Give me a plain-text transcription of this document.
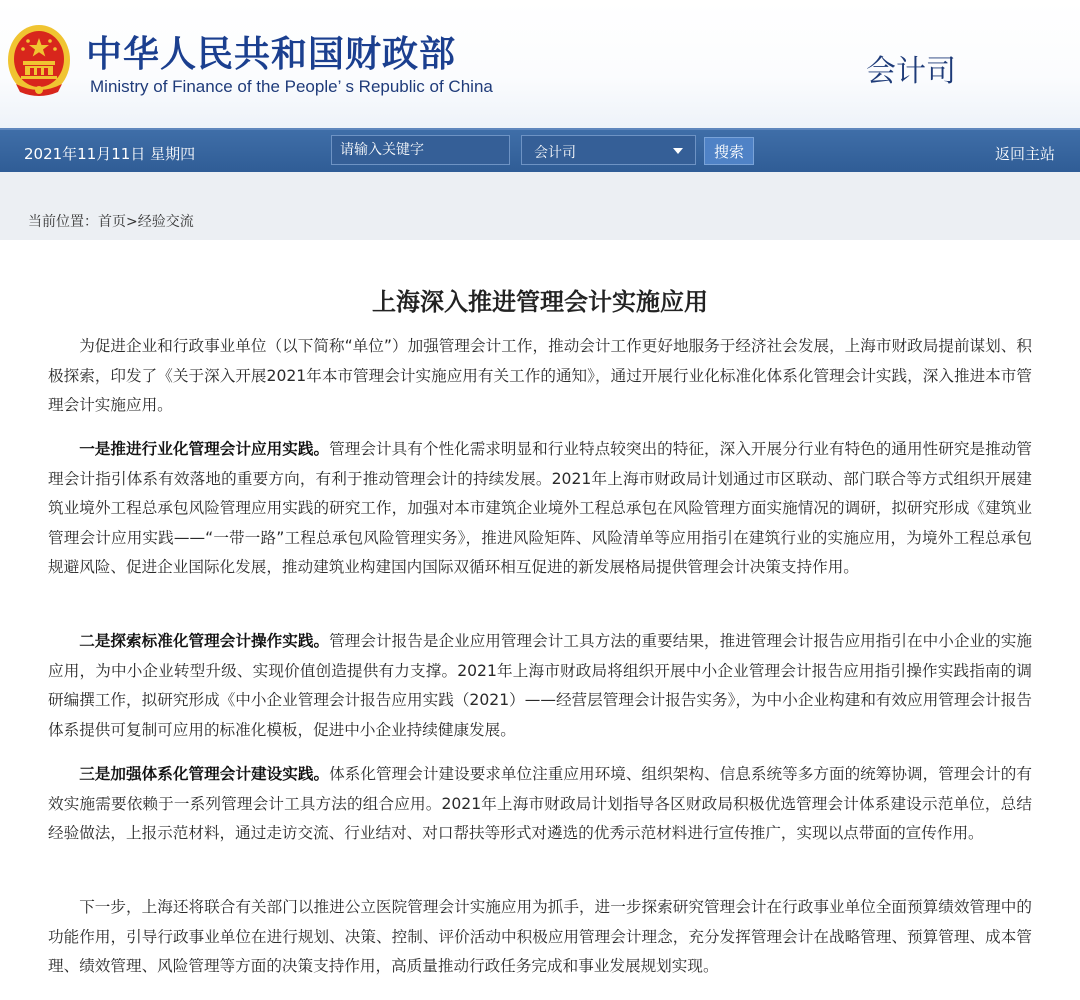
中华人民共和国财政部
Ministry of Finance of the People’ s Republic of China	会计司
2021年11月11日 星期四
请输入关键字	会计司	搜索	返回主站
当前位置：首页>经验交流
上海深入推进管理会计实施应用

为促进企业和行政事业单位（以下简称“单位”）加强管理会计工作，推动会计工作更好地服务于经济社会发展，上海市财政局提前谋划、积极探索，印发了《关于深入开展2021年本市管理会计实施应用有关工作的通知》，通过开展行业化标准化体系化管理会计实践，深入推进本市管理会计实施应用。

一是推进行业化管理会计应用实践。管理会计具有个性化需求明显和行业特点较突出的特征，深入开展分行业有特色的通用性研究是推动管理会计指引体系有效落地的重要方向，有利于推动管理会计的持续发展。2021年上海市财政局计划通过市区联动、部门联合等方式组织开展建筑业境外工程总承包风险管理应用实践的研究工作，加强对本市建筑企业境外工程总承包在风险管理方面实施情况的调研，拟研究形成《建筑业管理会计应用实践——“一带一路”工程总承包风险管理实务》，推进风险矩阵、风险清单等应用指引在建筑行业的实施应用，为境外工程总承包规避风险、促进企业国际化发展，推动建筑业构建国内国际双循环相互促进的新发展格局提供管理会计决策支持作用。

二是探索标准化管理会计操作实践。管理会计报告是企业应用管理会计工具方法的重要结果，推进管理会计报告应用指引在中小企业的实施应用，为中小企业转型升级、实现价值创造提供有力支撑。2021年上海市财政局将组织开展中小企业管理会计报告应用指引操作实践指南的调研编撰工作，拟研究形成《中小企业管理会计报告应用实践（2021）——经营层管理会计报告实务》，为中小企业构建和有效应用管理会计报告体系提供可复制可应用的标准化模板，促进中小企业持续健康发展。

三是加强体系化管理会计建设实践。体系化管理会计建设要求单位注重应用环境、组织架构、信息系统等多方面的统筹协调，管理会计的有效实施需要依赖于一系列管理会计工具方法的组合应用。2021年上海市财政局计划指导各区财政局积极优选管理会计体系建设示范单位，总结经验做法，上报示范材料，通过走访交流、行业结对、对口帮扶等形式对遴选的优秀示范材料进行宣传推广，实现以点带面的宣传作用。

下一步，上海还将联合有关部门以推进公立医院管理会计实施应用为抓手，进一步探索研究管理会计在行政事业单位全面预算绩效管理中的功能作用，引导行政事业单位在进行规划、决策、控制、评价活动中积极应用管理会计理念，充分发挥管理会计在战略管理、预算管理、成本管理、绩效管理、风险管理等方面的决策支持作用，高质量推动行政任务完成和事业发展规划实现。
